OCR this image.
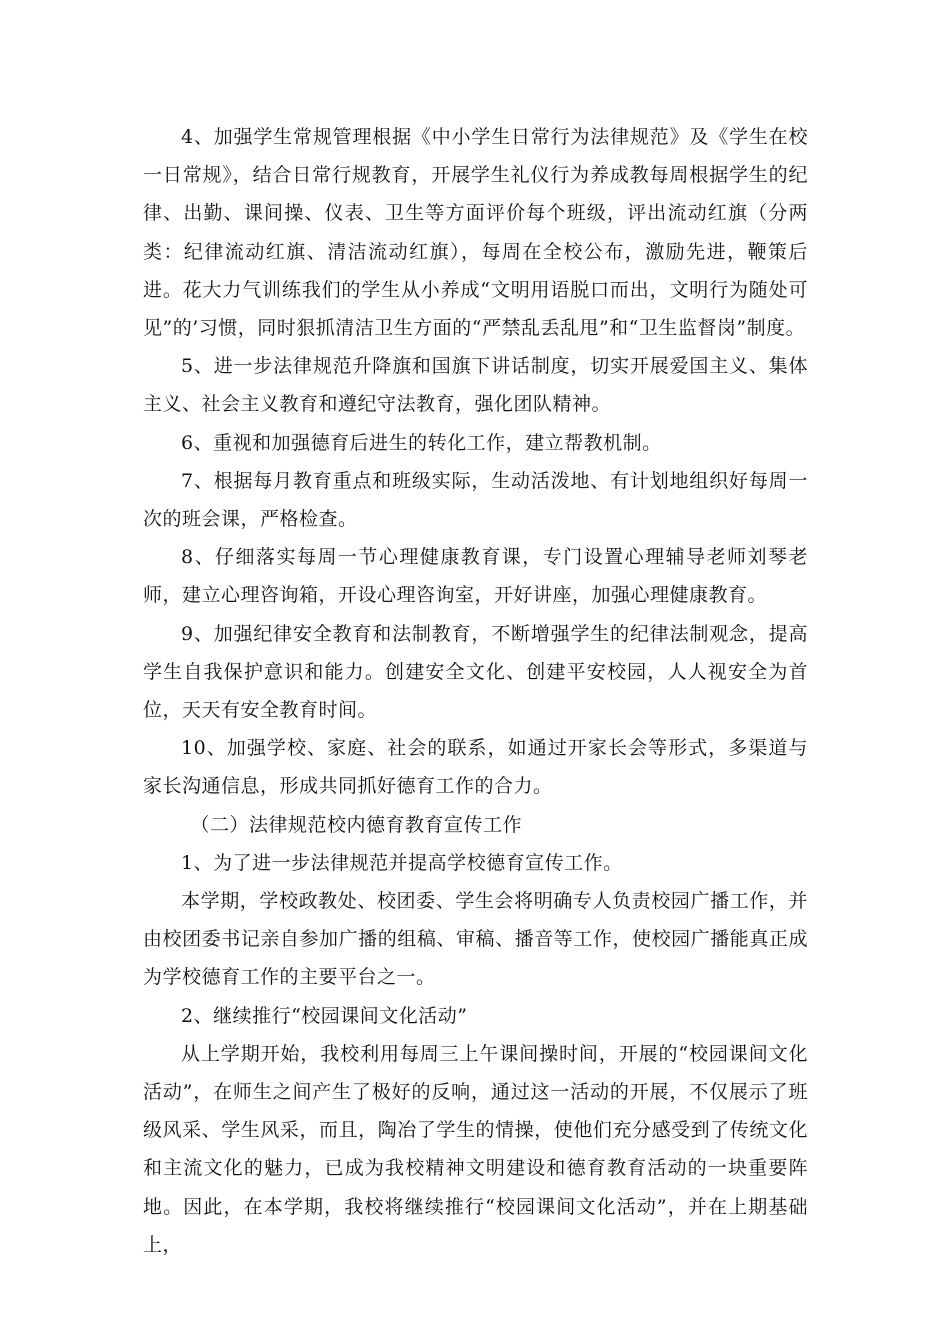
4、加强学生常规管理根据《中小学生日常行为法律规范》及《学生在校一日常规》，结合日常行规教育，开展学生礼仪行为养成教每周根据学生的纪律、出勤、课间操、仪表、卫生等方面评价每个班级，评出流动红旗（分两类：纪律流动红旗、清洁流动红旗），每周在全校公布，激励先进，鞭策后进。花大力气训练我们的学生从小养成“文明用语脱口而出，文明行为随处可见”的’习惯，同时狠抓清洁卫生方面的“严禁乱丢乱甩”和“卫生监督岗”制度。

5、进一步法律规范升降旗和国旗下讲话制度，切实开展爱国主义、集体主义、社会主义教育和遵纪守法教育，强化团队精神。

6、重视和加强德育后进生的转化工作，建立帮教机制。

7、根据每月教育重点和班级实际，生动活泼地、有计划地组织好每周一次的班会课，严格检查。

8、仔细落实每周一节心理健康教育课，专门设置心理辅导老师刘琴老师，建立心理咨询箱，开设心理咨询室，开好讲座，加强心理健康教育。

9、加强纪律安全教育和法制教育，不断增强学生的纪律法制观念，提高学生自我保护意识和能力。创建安全文化、创建平安校园，人人视安全为首位，天天有安全教育时间。

10、加强学校、家庭、社会的联系，如通过开家长会等形式，多渠道与家长沟通信息，形成共同抓好德育工作的合力。

（二）法律规范校内德育教育宣传工作

1、为了进一步法律规范并提高学校德育宣传工作。

本学期，学校政教处、校团委、学生会将明确专人负责校园广播工作，并由校团委书记亲自参加广播的组稿、审稿、播音等工作，使校园广播能真正成为学校德育工作的主要平台之一。

2、继续推行“校园课间文化活动”

从上学期开始，我校利用每周三上午课间操时间，开展的“校园课间文化活动”，在师生之间产生了极好的反响，通过这一活动的开展，不仅展示了班级风采、学生风采，而且，陶冶了学生的情操，使他们充分感受到了传统文化和主流文化的魅力，已成为我校精神文明建设和德育教育活动的一块重要阵地。因此，在本学期，我校将继续推行“校园课间文化活动”，并在上期基础上，
